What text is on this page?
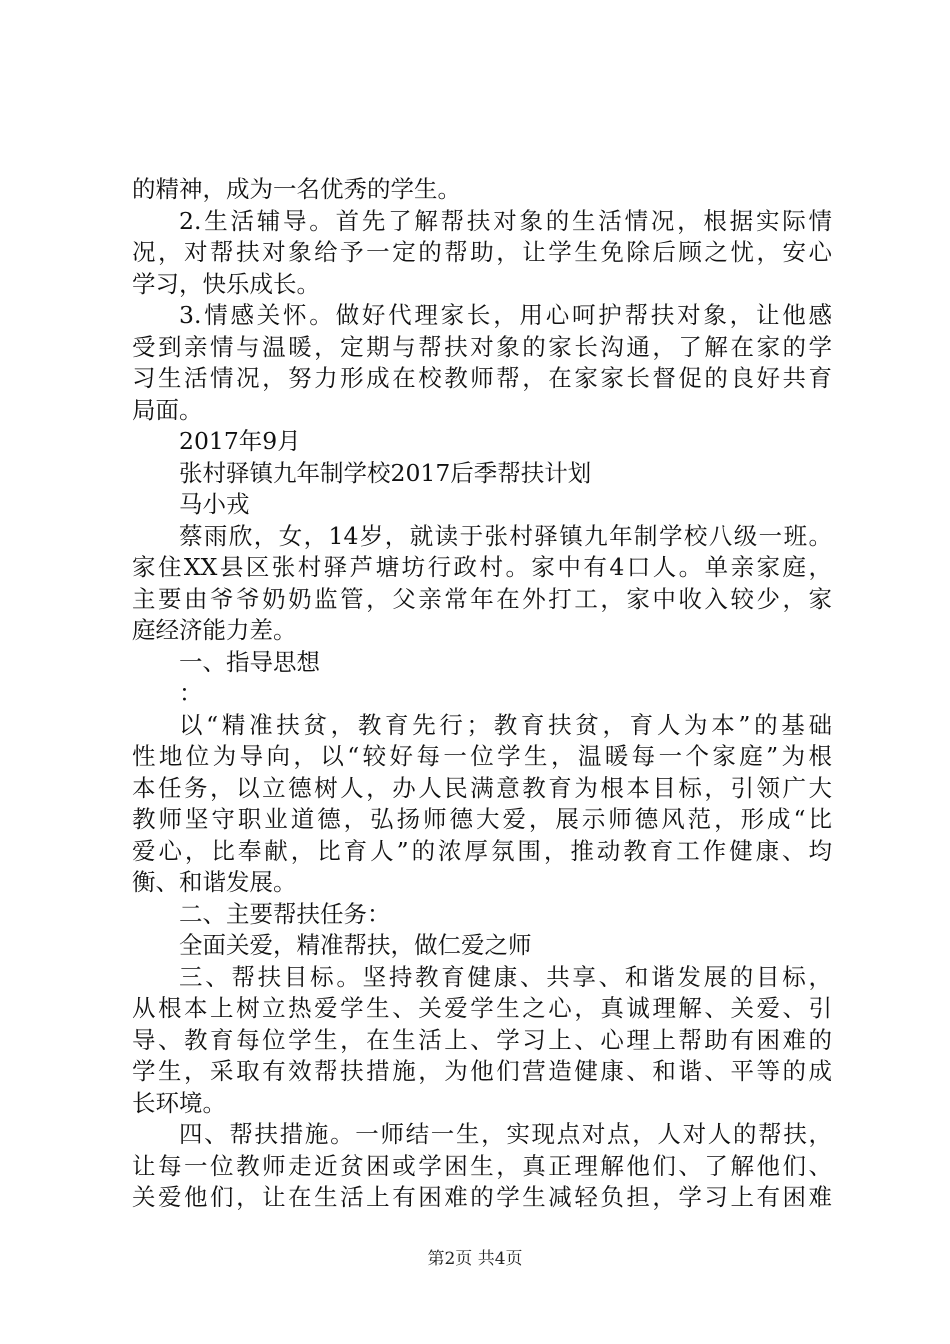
的精神，成为一名优秀的学生。
2.生活辅导。首先了解帮扶对象的生活情况，根据实际情
况，对帮扶对象给予一定的帮助，让学生免除后顾之忧，安心
学习，快乐成长。
3.情感关怀。做好代理家长，用心呵护帮扶对象，让他感
受到亲情与温暖，定期与帮扶对象的家长沟通，了解在家的学
习生活情况，努力形成在校教师帮，在家家长督促的良好共育
局面。
2017年9月
张村驿镇九年制学校2017后季帮扶计划
马小戎
蔡雨欣，女，14岁，就读于张村驿镇九年制学校八级一班。
家住XX县区张村驿芦塘坊行政村。家中有4口人。单亲家庭，
主要由爷爷奶奶监管，父亲常年在外打工，家中收入较少，家
庭经济能力差。
一、指导思想
：
以“精准扶贫，教育先行；教育扶贫，育人为本”的基础
性地位为导向，以“较好每一位学生，温暖每一个家庭”为根
本任务，以立德树人，办人民满意教育为根本目标，引领广大
教师坚守职业道德，弘扬师德大爱，展示师德风范，形成“比
爱心，比奉献，比育人”的浓厚氛围，推动教育工作健康、均
衡、和谐发展。
二、主要帮扶任务：
全面关爱，精准帮扶，做仁爱之师
三、帮扶目标。坚持教育健康、共享、和谐发展的目标，
从根本上树立热爱学生、关爱学生之心，真诚理解、关爱、引
导、教育每位学生，在生活上、学习上、心理上帮助有困难的
学生，采取有效帮扶措施，为他们营造健康、和谐、平等的成
长环境。
四、帮扶措施。一师结一生，实现点对点，人对人的帮扶，
让每一位教师走近贫困或学困生，真正理解他们、了解他们、
关爱他们，让在生活上有困难的学生减轻负担，学习上有困难
第2页 共4页
